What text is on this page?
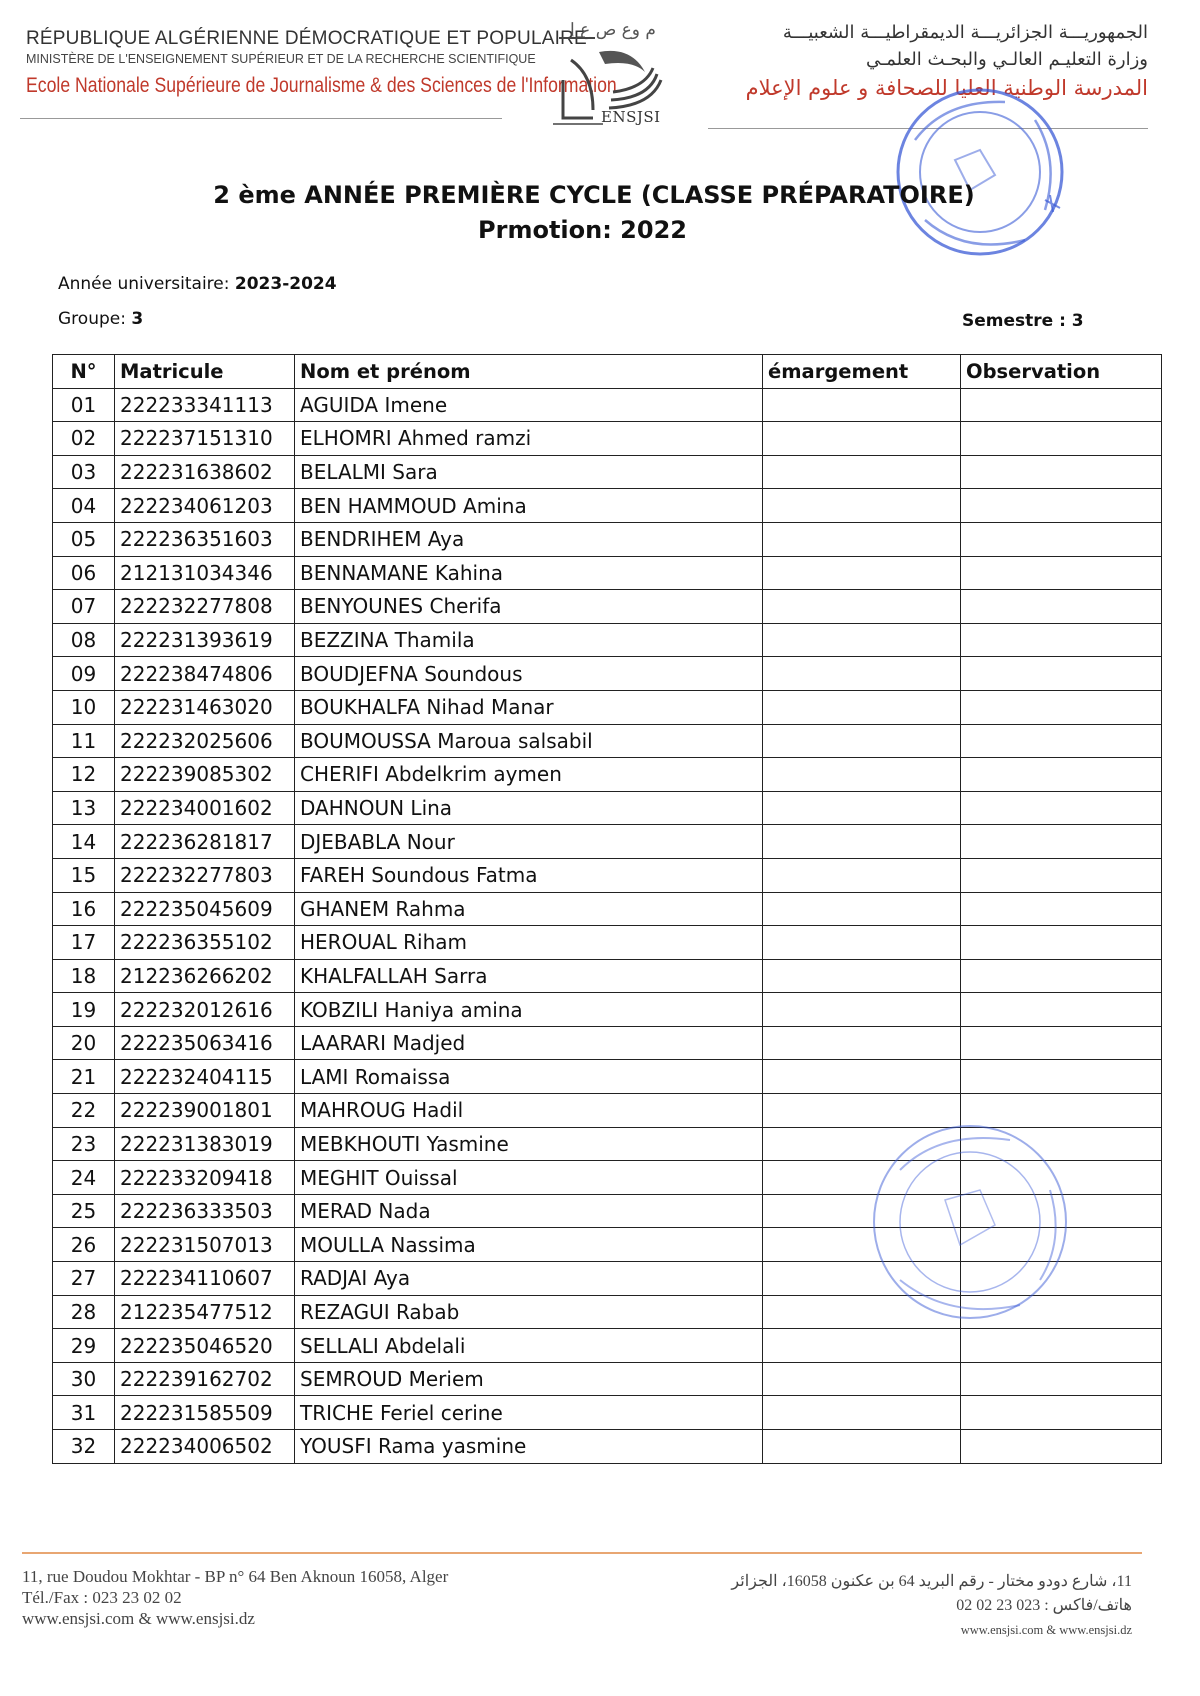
RÉPUBLIQUE ALGÉRIENNE DÉMOCRATIQUE ET POPULAIRE
MINISTÈRE DE L'ENSEIGNEMENT SUPÉRIEUR ET DE LA RECHERCHE SCIENTIFIQUE
Ecole Nationale Supérieure de Journalisme & des Sciences de l'Information
م وع ص ع إ
ENSJSI
الجمهوريـــة الجزائريـــة الديمقراطيـــة الشعبيـــة
وزارة التعليـم العالـي والبحـث العلمـي
المدرسة الوطنية العليا للصحافة و علوم الإعلام
2 ème ANNÉE PREMIÈRE CYCLE (CLASSE PRÉPARATOIRE)
Prmotion: 2022
Année universitaire: 2023-2024
Groupe: 3	Semestre : 3
N°	Matricule	Nom et prénom	émargement	Observation
01	222233341113	AGUIDA Imene		
02	222237151310	ELHOMRI Ahmed ramzi		
03	222231638602	BELALMI Sara		
04	222234061203	BEN HAMMOUD Amina		
05	222236351603	BENDRIHEM Aya		
06	212131034346	BENNAMANE Kahina		
07	222232277808	BENYOUNES Cherifa		
08	222231393619	BEZZINA Thamila		
09	222238474806	BOUDJEFNA Soundous		
10	222231463020	BOUKHALFA Nihad Manar		
11	222232025606	BOUMOUSSA Maroua salsabil		
12	222239085302	CHERIFI Abdelkrim aymen		
13	222234001602	DAHNOUN Lina		
14	222236281817	DJEBABLA Nour		
15	222232277803	FAREH Soundous Fatma		
16	222235045609	GHANEM Rahma		
17	222236355102	HEROUAL Riham		
18	212236266202	KHALFALLAH Sarra		
19	222232012616	KOBZILI Haniya amina		
20	222235063416	LAARARI Madjed		
21	222232404115	LAMI Romaissa		
22	222239001801	MAHROUG Hadil		
23	222231383019	MEBKHOUTI Yasmine		
24	222233209418	MEGHIT Ouissal		
25	222236333503	MERAD Nada		
26	222231507013	MOULLA Nassima		
27	222234110607	RADJAI Aya		
28	212235477512	REZAGUI Rabab		
29	222235046520	SELLALI Abdelali		
30	222239162702	SEMROUD Meriem		
31	222231585509	TRICHE Feriel cerine		
32	222234006502	YOUSFI Rama yasmine		
11, rue Doudou Mokhtar - BP n° 64 Ben Aknoun 16058, Alger
Tél./Fax : 023 23 02 02
www.ensjsi.com & www.ensjsi.dz
11، شارع دودو مختار - رقم البريد 64 بن عكنون 16058، الجزائر
هاتف/فاكس : 023 23 02 02
www.ensjsi.com & www.ensjsi.dz
